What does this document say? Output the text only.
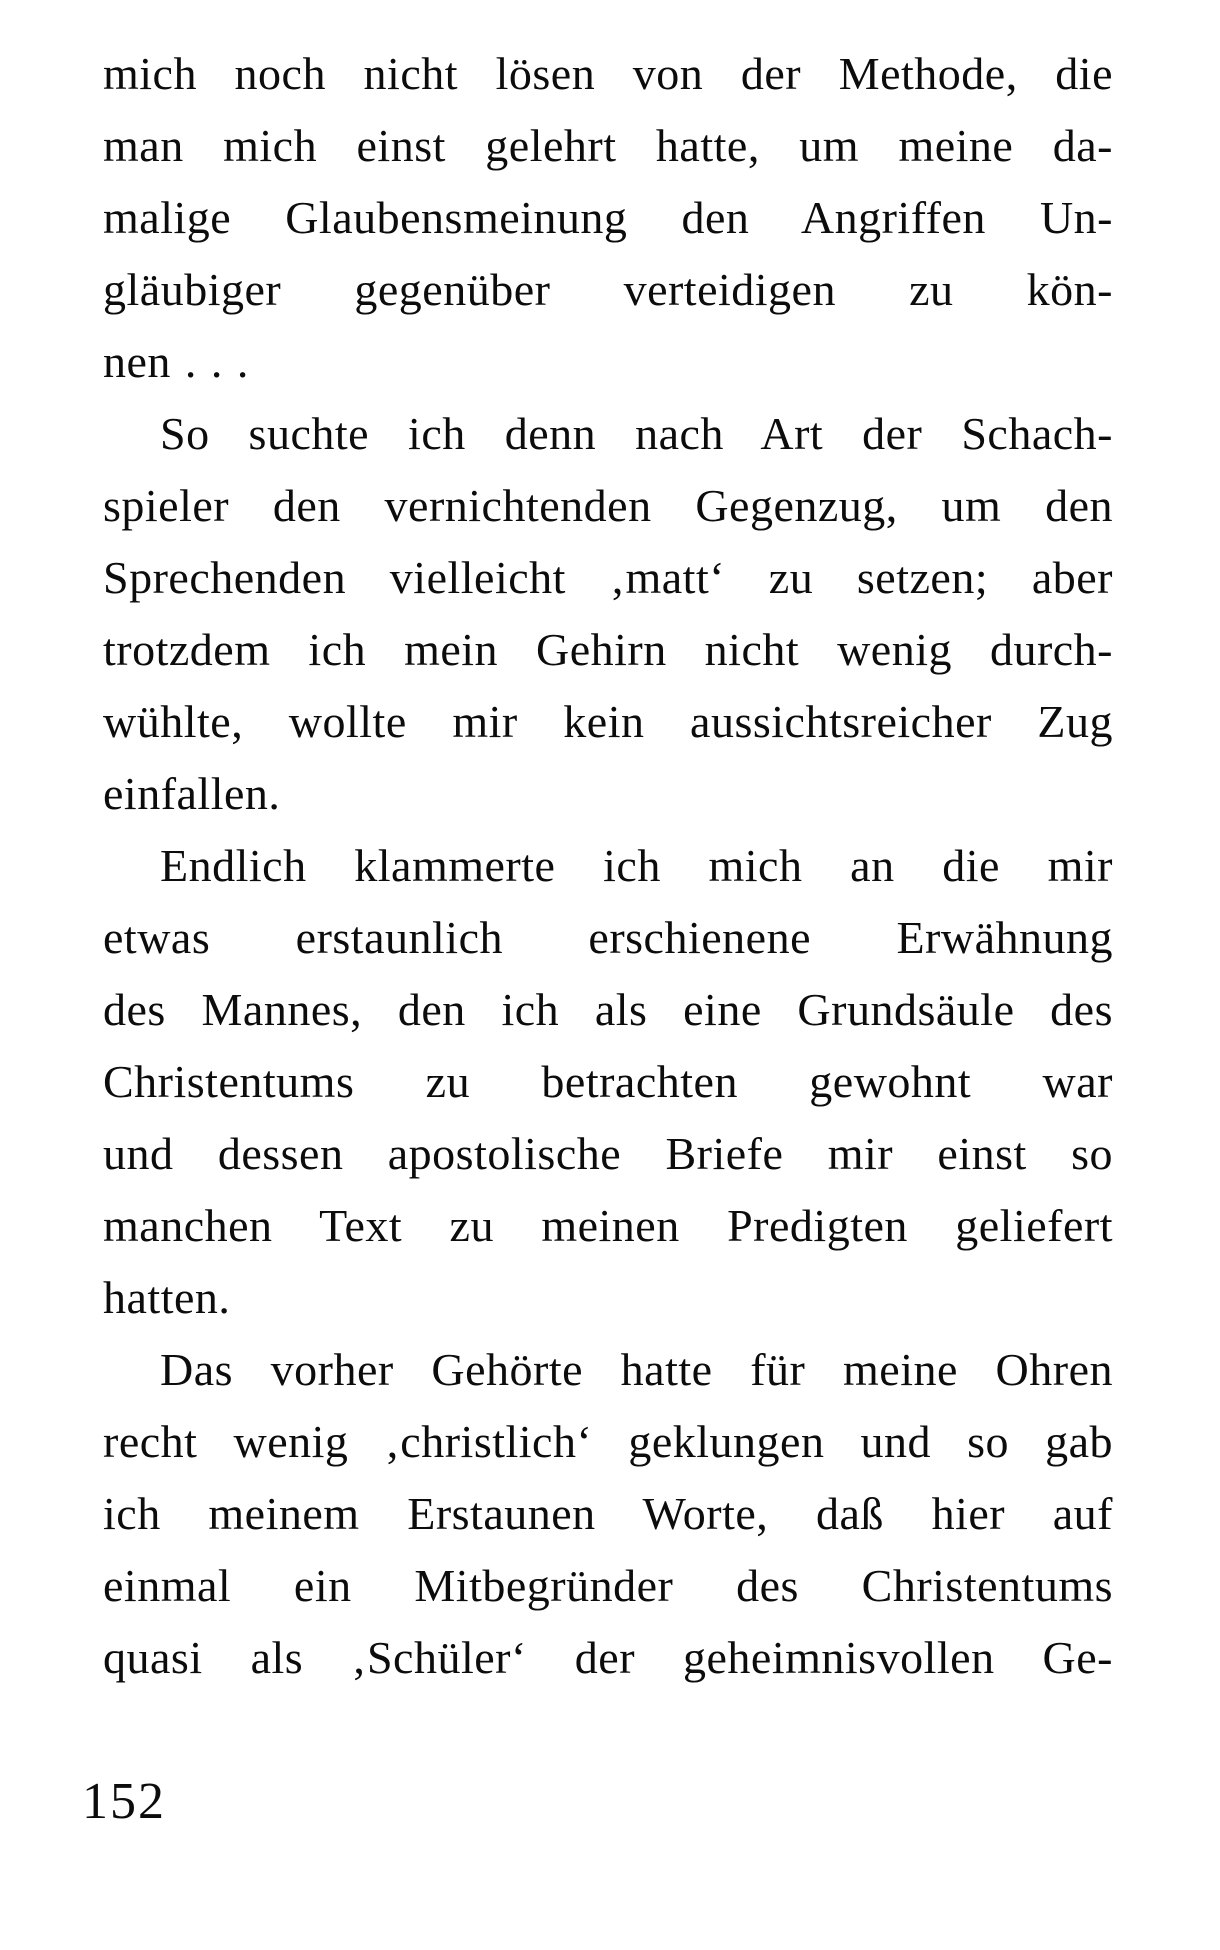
mich noch nicht lösen von der Methode, die
man mich einst gelehrt hatte, um meine da-
malige Glaubensmeinung den Angriffen Un-
gläubiger gegenüber verteidigen zu kön-
nen . . .
So suchte ich denn nach Art der Schach-
spieler den vernichtenden Gegenzug, um den
Sprechenden vielleicht ‚matt‘ zu setzen; aber
trotzdem ich mein Gehirn nicht wenig durch-
wühlte, wollte mir kein aussichtsreicher Zug
einfallen.
Endlich klammerte ich mich an die mir
etwas erstaunlich erschienene Erwähnung
des Mannes, den ich als eine Grundsäule des
Christentums zu betrachten gewohnt war
und dessen apostolische Briefe mir einst so
manchen Text zu meinen Predigten geliefert
hatten.
Das vorher Gehörte hatte für meine Ohren
recht wenig ‚christlich‘ geklungen und so gab
ich meinem Erstaunen Worte, daß hier auf
einmal ein Mitbegründer des Christentums
quasi als ‚Schüler‘ der geheimnisvollen Ge-
152
